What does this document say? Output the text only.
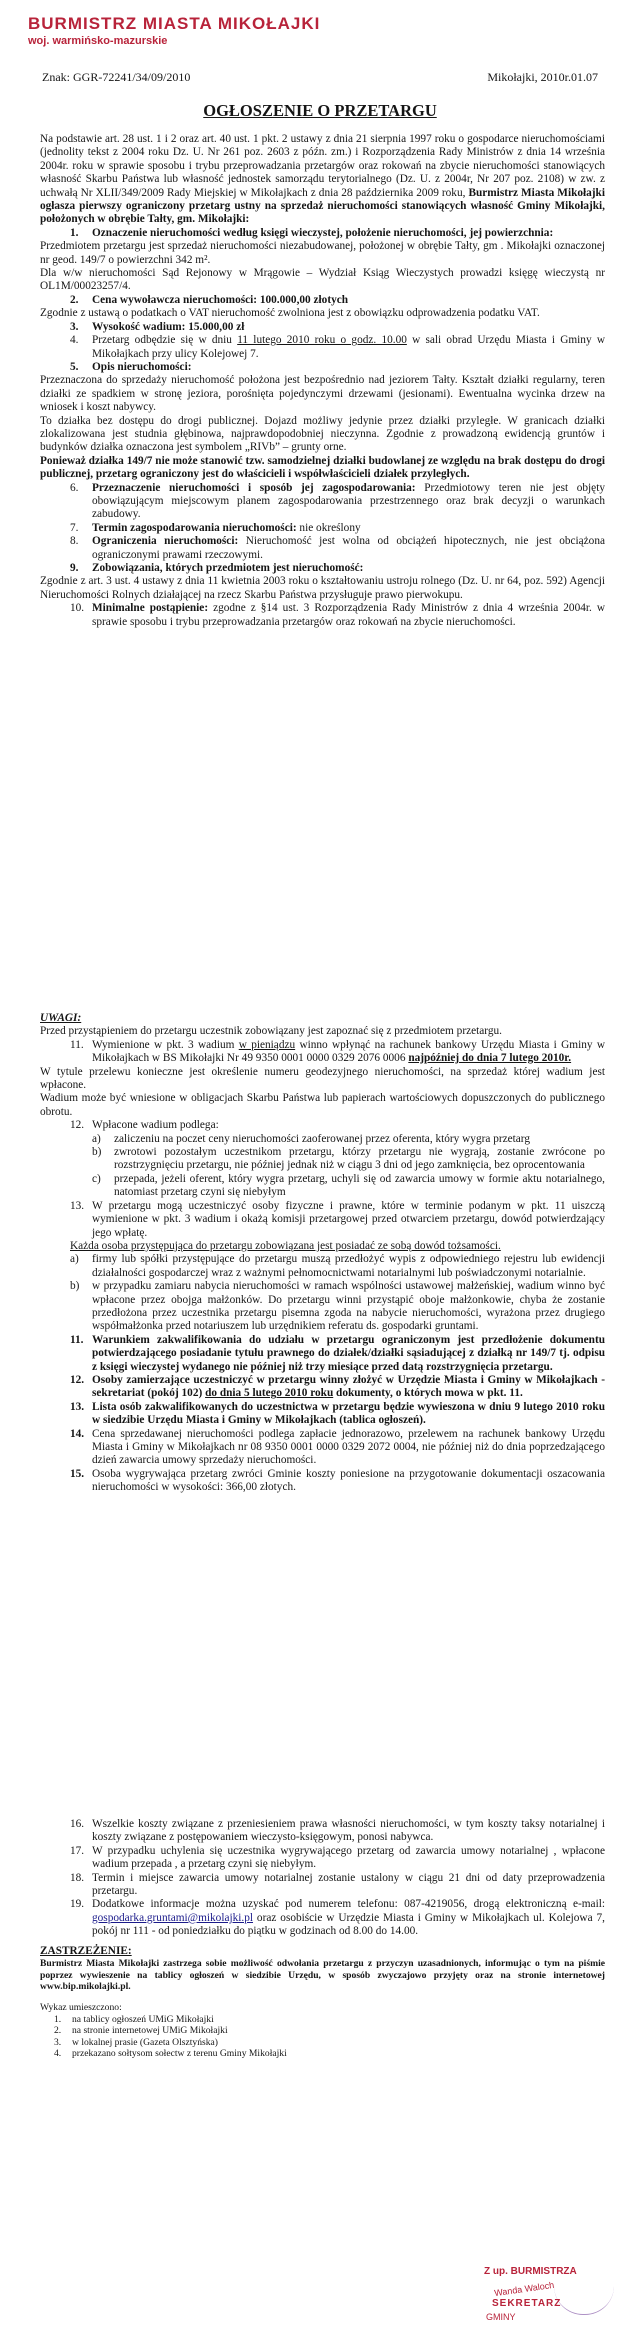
BURMISTRZ MIASTA MIKOŁAJKI
woj. warmińsko-mazurskie
Znak: GGR-72241/34/09/2010	Mikołajki, 2010r.01.07
OGŁOSZENIE O PRZETARGU

Na podstawie art. 28 ust. 1 i 2 oraz art. 40 ust. 1 pkt. 2 ustawy z dnia 21 sierpnia 1997 roku o gospodarce nieruchomościami (jednolity tekst z 2004 roku Dz. U. Nr 261 poz. 2603 z późn. zm.) i Rozporządzenia Rady Ministrów z dnia 14 września 2004r. roku w sprawie sposobu i trybu przeprowadzania przetargów oraz rokowań na zbycie nieruchomości stanowiących własność Skarbu Państwa lub własność jednostek samorządu terytorialnego (Dz. U. z 2004r, Nr 207 poz. 2108) w zw. z uchwałą Nr XLII/349/2009 Rady Miejskiej w Mikołajkach z dnia 28 października 2009 roku, Burmistrz Miasta Mikołajki ogłasza pierwszy ograniczony przetarg ustny na sprzedaż nieruchomości stanowiących własność Gminy Mikołajki, położonych w obrębie Tałty, gm. Mikołajki:

1.	Oznaczenie nieruchomości według księgi wieczystej, położenie nieruchomości, jej powierzchnia:

Przedmiotem przetargu jest sprzedaż nieruchomości niezabudowanej, położonej w obrębie Tałty, gm . Mikołajki oznaczonej nr geod. 149/7 o powierzchni 342 m².

Dla w/w nieruchomości Sąd Rejonowy w Mrągowie – Wydział Ksiąg Wieczystych prowadzi księgę wieczystą nr OL1M/00023257/4.

2.	Cena wywoławcza nieruchomości: 100.000,00 złotych

Zgodnie z ustawą o podatkach o VAT nieruchomość zwolniona jest z obowiązku odprowadzenia podatku VAT.

3.	Wysokość wadium: 15.000,00 zł
4.	Przetarg odbędzie się w dniu 11 lutego 2010 roku o godz. 10.00 w sali obrad Urzędu Miasta i Gminy w Mikołajkach przy ulicy Kolejowej 7.
5.	Opis nieruchomości:

Przeznaczona do sprzedaży nieruchomość położona jest bezpośrednio nad jeziorem Tałty. Kształt działki regularny, teren działki ze spadkiem w stronę jeziora, porośnięta pojedynczymi drzewami (jesionami). Ewentualna wycinka drzew na wniosek i koszt nabywcy.

To działka bez dostępu do drogi publicznej. Dojazd możliwy jedynie przez działki przyległe. W granicach działki zlokalizowana jest studnia głębinowa, najprawdopodobniej nieczynna. Zgodnie z prowadzoną ewidencją gruntów i budynków działka oznaczona jest symbolem „RIVb” – grunty orne.

Ponieważ działka 149/7 nie może stanowić tzw. samodzielnej działki budowlanej ze względu na brak dostępu do drogi publicznej, przetarg ograniczony jest do właścicieli i współwłaścicieli działek przyległych.

6.	Przeznaczenie nieruchomości i sposób jej zagospodarowania: Przedmiotowy teren nie jest objęty obowiązującym miejscowym planem zagospodarowania przestrzennego oraz brak decyzji o warunkach zabudowy.
7.	Termin zagospodarowania nieruchomości: nie określony
8.	Ograniczenia nieruchomości: Nieruchomość jest wolna od obciążeń hipotecznych, nie jest obciążona ograniczonymi prawami rzeczowymi.
9.	Zobowiązania, których przedmiotem jest nieruchomość:

Zgodnie z art. 3 ust. 4 ustawy z dnia 11 kwietnia 2003 roku o kształtowaniu ustroju rolnego (Dz. U. nr 64, poz. 592) Agencji Nieruchomości Rolnych działającej na rzecz Skarbu Państwa przysługuje prawo pierwokupu.

10. Minimalne postąpienie: zgodne z §14 ust. 3 Rozporządzenia Rady Ministrów z dnia 4 września 2004r. w sprawie sposobu i trybu przeprowadzania przetargów oraz rokowań na zbycie nieruchomości.

UWAGI:

Przed przystąpieniem do przetargu uczestnik zobowiązany jest zapoznać się z przedmiotem przetargu.

11. Wymienione w pkt. 3 wadium w pieniądzu winno wpłynąć na rachunek bankowy Urzędu Miasta i Gminy w Mikołajkach w BS Mikołajki Nr 49 9350 0001 0000 0329 2076 0006 najpóźniej do dnia 7 lutego 2010r.

W tytule przelewu konieczne jest określenie numeru geodezyjnego nieruchomości, na sprzedaż której wadium jest wpłacone.

Wadium może być wniesione w obligacjach Skarbu Państwa lub papierach wartościowych dopuszczonych do publicznego obrotu.

12. Wpłacone wadium podlega:
a)	zaliczeniu na poczet ceny nieruchomości zaoferowanej przez oferenta, który wygra przetarg
b)	zwrotowi pozostałym uczestnikom przetargu, którzy przetargu nie wygrają, zostanie zwrócone po rozstrzygnięciu przetargu, nie później jednak niż w ciągu 3 dni od jego zamknięcia, bez oprocentowania
c)	przepada, jeżeli oferent, który wygra przetarg, uchyli się od zawarcia umowy w formie aktu notarialnego, natomiast przetarg czyni się niebyłym
13. W przetargu mogą uczestniczyć osoby fizyczne i prawne, które w terminie podanym w pkt. 11 uiszczą wymienione w pkt. 3 wadium i okażą komisji przetargowej przed otwarciem przetargu, dowód potwierdzający jego wpłatę.

Każda osoba przystępująca do przetargu zobowiązana jest posiadać ze sobą dowód tożsamości.

a)	firmy lub spółki przystępujące do przetargu muszą przedłożyć wypis z odpowiedniego rejestru lub ewidencji działalności gospodarczej wraz z ważnymi pełnomocnictwami notarialnymi lub poświadczonymi notarialnie.
b)	w przypadku zamiaru nabycia nieruchomości w ramach wspólności ustawowej małżeńskiej, wadium winno być wpłacone przez obojga małżonków. Do przetargu winni przystąpić oboje małżonkowie, chyba że zostanie przedłożona przez uczestnika przetargu pisemna zgoda na nabycie nieruchomości, wyrażona przez drugiego współmałżonka przed notariuszem lub urzędnikiem referatu ds. gospodarki gruntami.
11. Warunkiem zakwalifikowania do udziału w przetargu ograniczonym jest przedłożenie dokumentu potwierdzającego posiadanie tytułu prawnego do działek/działki sąsiadującej z działką nr 149/7 tj. odpisu z księgi wieczystej wydanego nie później niż trzy miesiące przed datą rozstrzygnięcia przetargu.
12. Osoby zamierzające uczestniczyć w przetargu winny złożyć w Urzędzie Miasta i Gminy w Mikołajkach - sekretariat (pokój 102) do dnia 5 lutego 2010 roku dokumenty, o których mowa w pkt. 11.
13. Lista osób zakwalifikowanych do uczestnictwa w przetargu będzie wywieszona w dniu 9 lutego 2010 roku w siedzibie Urzędu Miasta i Gminy w Mikołajkach (tablica ogłoszeń).
14. Cena sprzedawanej nieruchomości podlega zapłacie jednorazowo, przelewem na rachunek bankowy Urzędu Miasta i Gminy w Mikołajkach nr 08 9350 0001 0000 0329 2072 0004, nie później niż do dnia poprzedzającego dzień zawarcia umowy sprzedaży nieruchomości.
15. Osoba wygrywająca przetarg zwróci Gminie koszty poniesione na przygotowanie dokumentacji oszacowania nieruchomości w wysokości: 366,00 złotych.
16. Wszelkie koszty związane z przeniesieniem prawa własności nieruchomości, w tym koszty taksy notarialnej i koszty związane z postępowaniem wieczysto-księgowym, ponosi nabywca.
17. W przypadku uchylenia się uczestnika wygrywającego przetarg od zawarcia umowy notarialnej , wpłacone wadium przepada , a przetarg czyni się niebyłym.
18. Termin i miejsce zawarcia umowy notarialnej zostanie ustalony w ciągu 21 dni od daty przeprowadzenia przetargu.
19. Dodatkowe informacje można uzyskać pod numerem telefonu: 087-4219056, drogą elektroniczną e-mail: gospodarka.gruntami@mikolajki.pl oraz osobiście w Urzędzie Miasta i Gminy w Mikołajkach ul. Kolejowa 7, pokój nr 111 - od poniedziałku do piątku w godzinach od 8.00 do 14.00.

ZASTRZEŻENIE:

Burmistrz Miasta Mikołajki zastrzega sobie możliwość odwołania przetargu z przyczyn uzasadnionych, informując o tym na piśmie poprzez wywieszenie na tablicy ogłoszeń w siedzibie Urzędu, w sposób zwyczajowo przyjęty oraz na stronie internetowej www.bip.mikolajki.pl.

Wykaz umieszczono:

1.	na tablicy ogłoszeń UMiG Mikołajki
2.	na stronie internetowej UMiG Mikołajki
3.	w lokalnej prasie (Gazeta Olsztyńska)
4.	przekazano sołtysom sołectw z terenu Gminy Mikołajki
Z up. BURMISTRZA
Wanda Waloch
SEKRETARZ
GMINY
